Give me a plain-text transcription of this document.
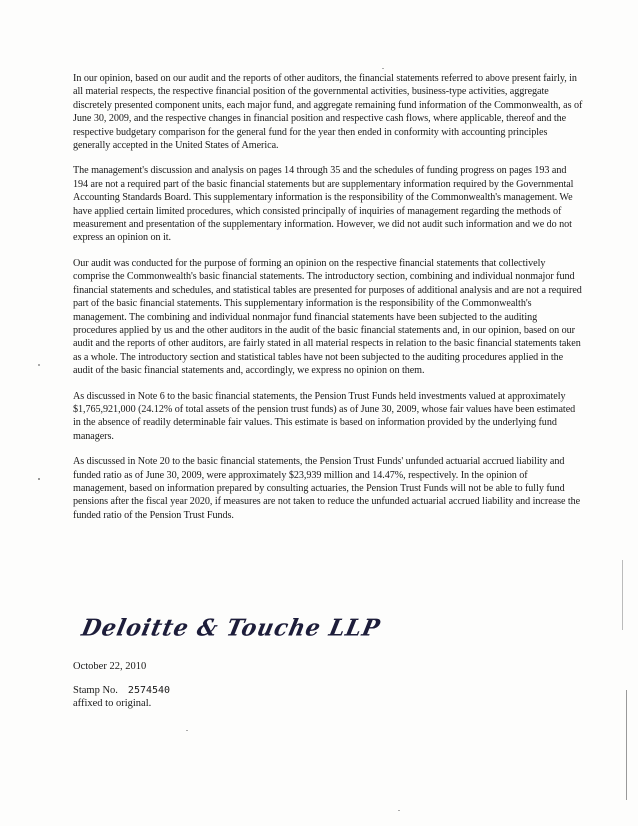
In our opinion, based on our audit and the reports of other auditors, the financial statements referred to above present fairly, in all material respects, the respective financial position of the governmental activities, business-type activities, aggregate discretely presented component units, each major fund, and aggregate remaining fund information of the Commonwealth, as of June 30, 2009, and the respective changes in financial position and respective cash flows, where applicable, thereof and the respective budgetary comparison for the general fund for the year then ended in conformity with accounting principles generally accepted in the United States of America.

The management's discussion and analysis on pages 14 through 35 and the schedules of funding progress on pages 193 and 194 are not a required part of the basic financial statements but are supplementary information required by the Governmental Accounting Standards Board. This supplementary information is the responsibility of the Commonwealth's management. We have applied certain limited procedures, which consisted principally of inquiries of management regarding the methods of measurement and presentation of the supplementary information. However, we did not audit such information and we do not express an opinion on it.

Our audit was conducted for the purpose of forming an opinion on the respective financial statements that collectively comprise the Commonwealth's basic financial statements. The introductory section, combining and individual nonmajor fund financial statements and schedules, and statistical tables are presented for purposes of additional analysis and are not a required part of the basic financial statements. This supplementary information is the responsibility of the Commonwealth's management. The combining and individual nonmajor fund financial statements have been subjected to the auditing procedures applied by us and the other auditors in the audit of the basic financial statements and, in our opinion, based on our audit and the reports of other auditors, are fairly stated in all material respects in relation to the basic financial statements taken as a whole. The introductory section and statistical tables have not been subjected to the auditing procedures applied in the audit of the basic financial statements and, accordingly, we express no opinion on them.

As discussed in Note 6 to the basic financial statements, the Pension Trust Funds held investments valued at approximately $1,765,921,000 (24.12% of total assets of the pension trust funds) as of June 30, 2009, whose fair values have been estimated in the absence of readily determinable fair values. This estimate is based on information provided by the underlying fund managers.

As discussed in Note 20 to the basic financial statements, the Pension Trust Funds' unfunded actuarial accrued liability and funded ratio as of June 30, 2009, were approximately $23,939 million and 14.47%, respectively. In the opinion of management, based on information prepared by consulting actuaries, the Pension Trust Funds will not be able to fully fund pensions after the fiscal year 2020, if measures are not taken to reduce the unfunded actuarial accrued liability and increase the funded ratio of the Pension Trust Funds.

Deloitte & Touche LLP
October 22, 2010
Stamp No. 2574540
affixed to original.
